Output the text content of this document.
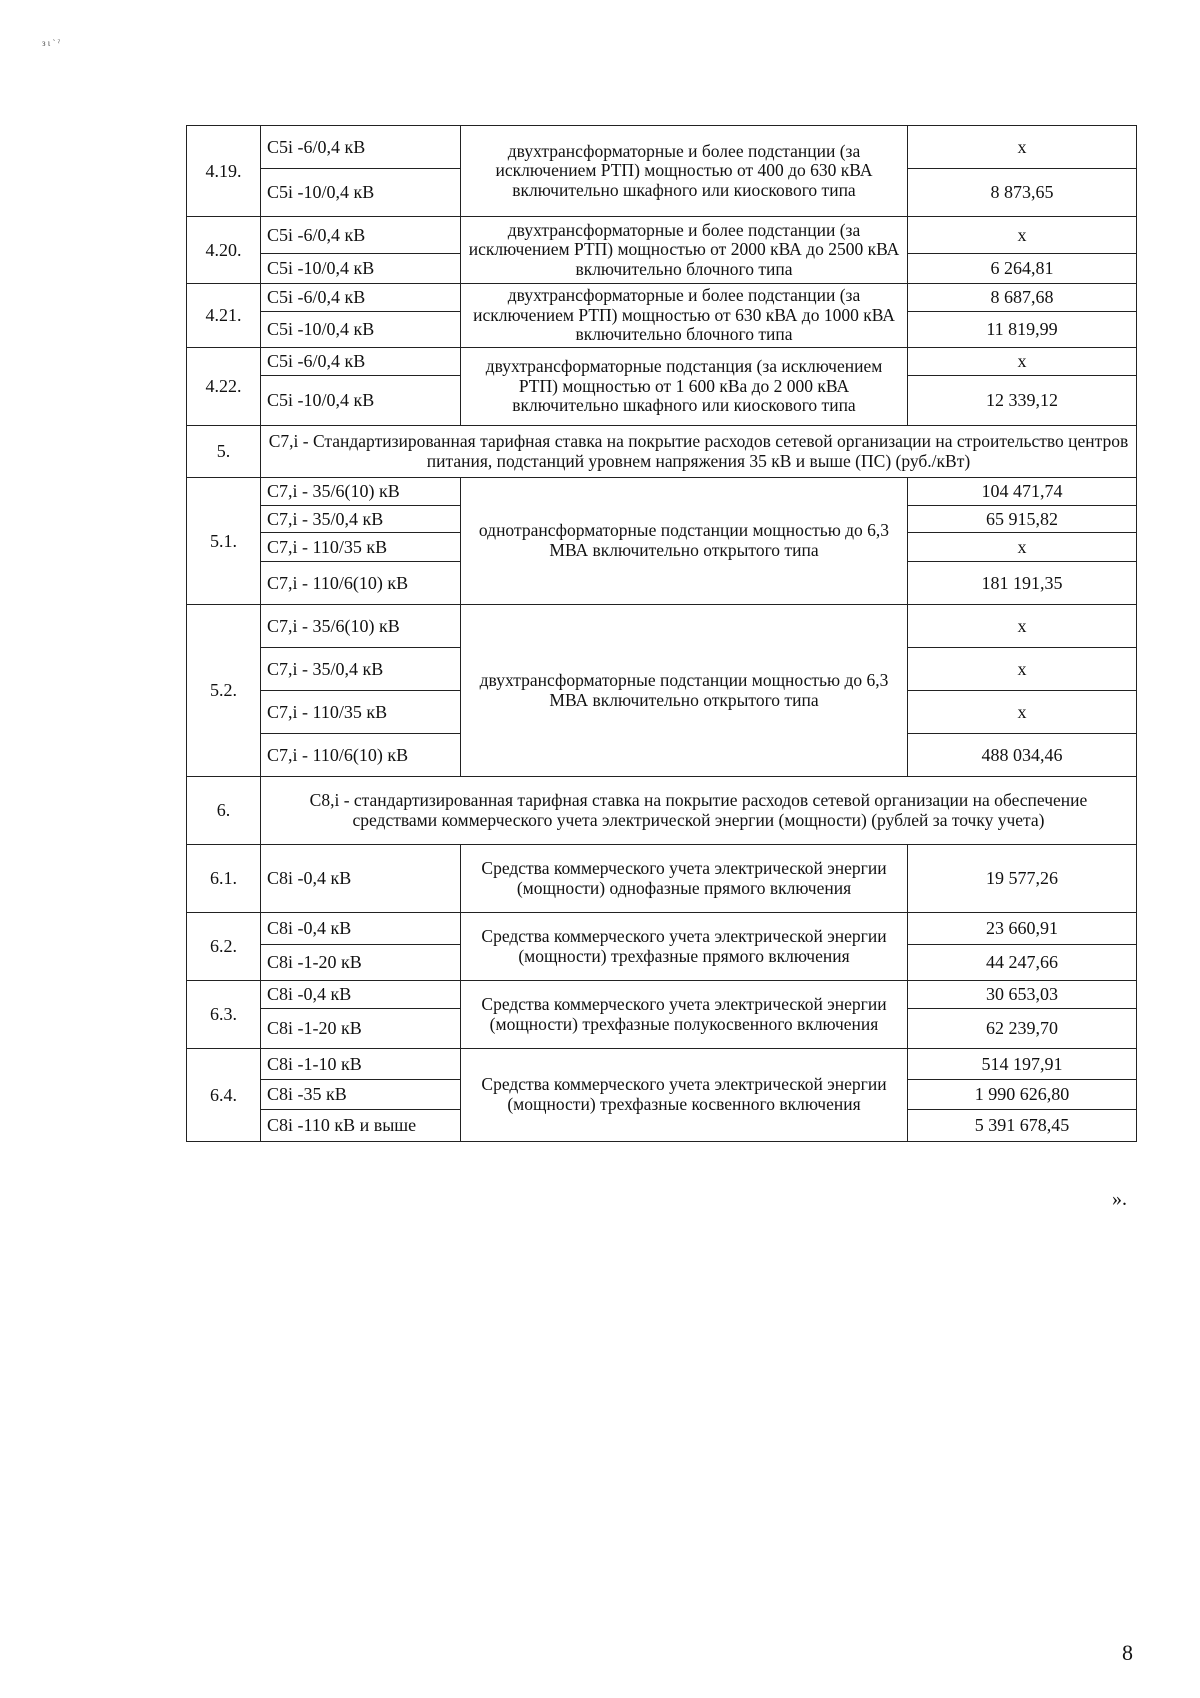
з ι ˋ ˀ
4.19.	С5i -6/0,4 кВ	двухтрансформаторные и более подстанции (за исключением РТП) мощностью от 400 до 630 кВА включительно шкафного или киоскового типа	х
	С5i -10/0,4 кВ		8 873,65
4.20.	С5i -6/0,4 кВ	двухтрансформаторные и более подстанции (за исключением РТП) мощностью от 2000 кВА до 2500 кВА включительно блочного типа	х
	С5i -10/0,4 кВ		6 264,81
4.21.	С5i -6/0,4 кВ	двухтрансформаторные и более подстанции (за исключением РТП) мощностью от 630 кВА до 1000 кВА включительно блочного типа	8 687,68
	С5i -10/0,4 кВ		11 819,99
4.22.	С5i -6/0,4 кВ	двухтрансформаторные подстанция (за исключением РТП) мощностью от 1 600 кВа до 2 000 кВА включительно шкафного или киоскового типа	х
	С5i -10/0,4 кВ		12 339,12
5.	С7,i - Стандартизированная тарифная ставка на покрытие расходов сетевой организации на строительство центров питания, подстанций уровнем напряжения 35 кВ и выше (ПС) (руб./кВт)		
5.1.	С7,i - 35/6(10) кВ	однотрансформаторные подстанции мощностью до 6,3 МВА включительно открытого типа	104 471,74
	С7,i - 35/0,4 кВ		65 915,82
	С7,i - 110/35 кВ		х
	С7,i - 110/6(10) кВ		181 191,35
5.2.	С7,i - 35/6(10) кВ	двухтрансформаторные подстанции мощностью до 6,3 МВА включительно открытого типа	х
	С7,i - 35/0,4 кВ		х
	С7,i - 110/35 кВ		х
	С7,i - 110/6(10) кВ		488 034,46
6.	С8,i - стандартизированная тарифная ставка на покрытие расходов сетевой организации на обеспечение средствами коммерческого учета электрической энергии (мощности) (рублей за точку учета)		
6.1.	С8i -0,4 кВ	Средства коммерческого учета электрической энергии (мощности) однофазные прямого включения	19 577,26
6.2.	С8i -0,4 кВ	Средства коммерческого учета электрической энергии (мощности) трехфазные прямого включения	23 660,91
	С8i -1-20 кВ		44 247,66
6.3.	С8i -0,4 кВ	Средства коммерческого учета электрической энергии (мощности) трехфазные полукосвенного включения	30 653,03
	С8i -1-20 кВ		62 239,70
6.4.	С8i -1-10 кВ	Средства коммерческого учета электрической энергии (мощности) трехфазные косвенного включения	514 197,91
	С8i -35 кВ		1 990 626,80
	С8i -110 кВ и выше		5 391 678,45
».
8
